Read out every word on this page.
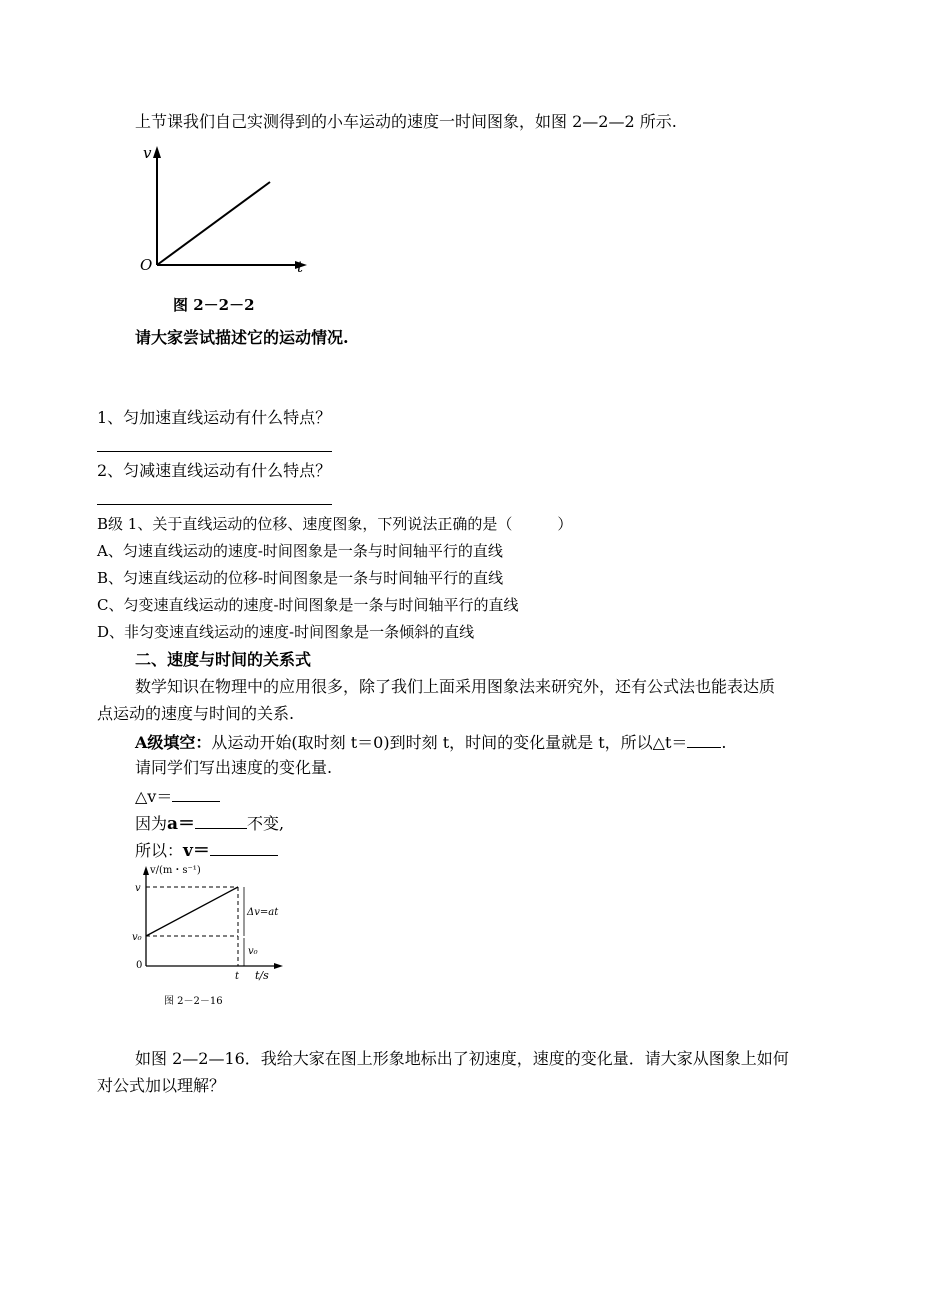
上节课我们自己实测得到的小车运动的速度一时间图象，如图 2—2—2 所示.
v
O	t
图 2－2－2
请大家尝试描述它的运动情况.
1、匀加速直线运动有什么特点？
2、匀减速直线运动有什么特点？
B级 1、关于直线运动的位移、速度图象，下列说法正确的是（　　　）
A、匀速直线运动的速度-时间图象是一条与时间轴平行的直线
B、匀速直线运动的位移-时间图象是一条与时间轴平行的直线
C、匀变速直线运动的速度-时间图象是一条与时间轴平行的直线
D、非匀变速直线运动的速度-时间图象是一条倾斜的直线
二、速度与时间的关系式
数学知识在物理中的应用很多，除了我们上面采用图象法来研究外，还有公式法也能表达质
点运动的速度与时间的关系.
A级填空：从运动开始(取时刻 t＝0)到时刻 t，时间的变化量就是 t，所以△t＝ .
请同学们写出速度的变化量.
△v＝
因为a＝	不变,
所以：v＝
v/(m・s⁻¹)
v
v₀
0
t t/s
Δv=at
v₀
图 2－2－16
如图 2—2—16．我给大家在图上形象地标出了初速度，速度的变化量．请大家从图象上如何
对公式加以理解？
